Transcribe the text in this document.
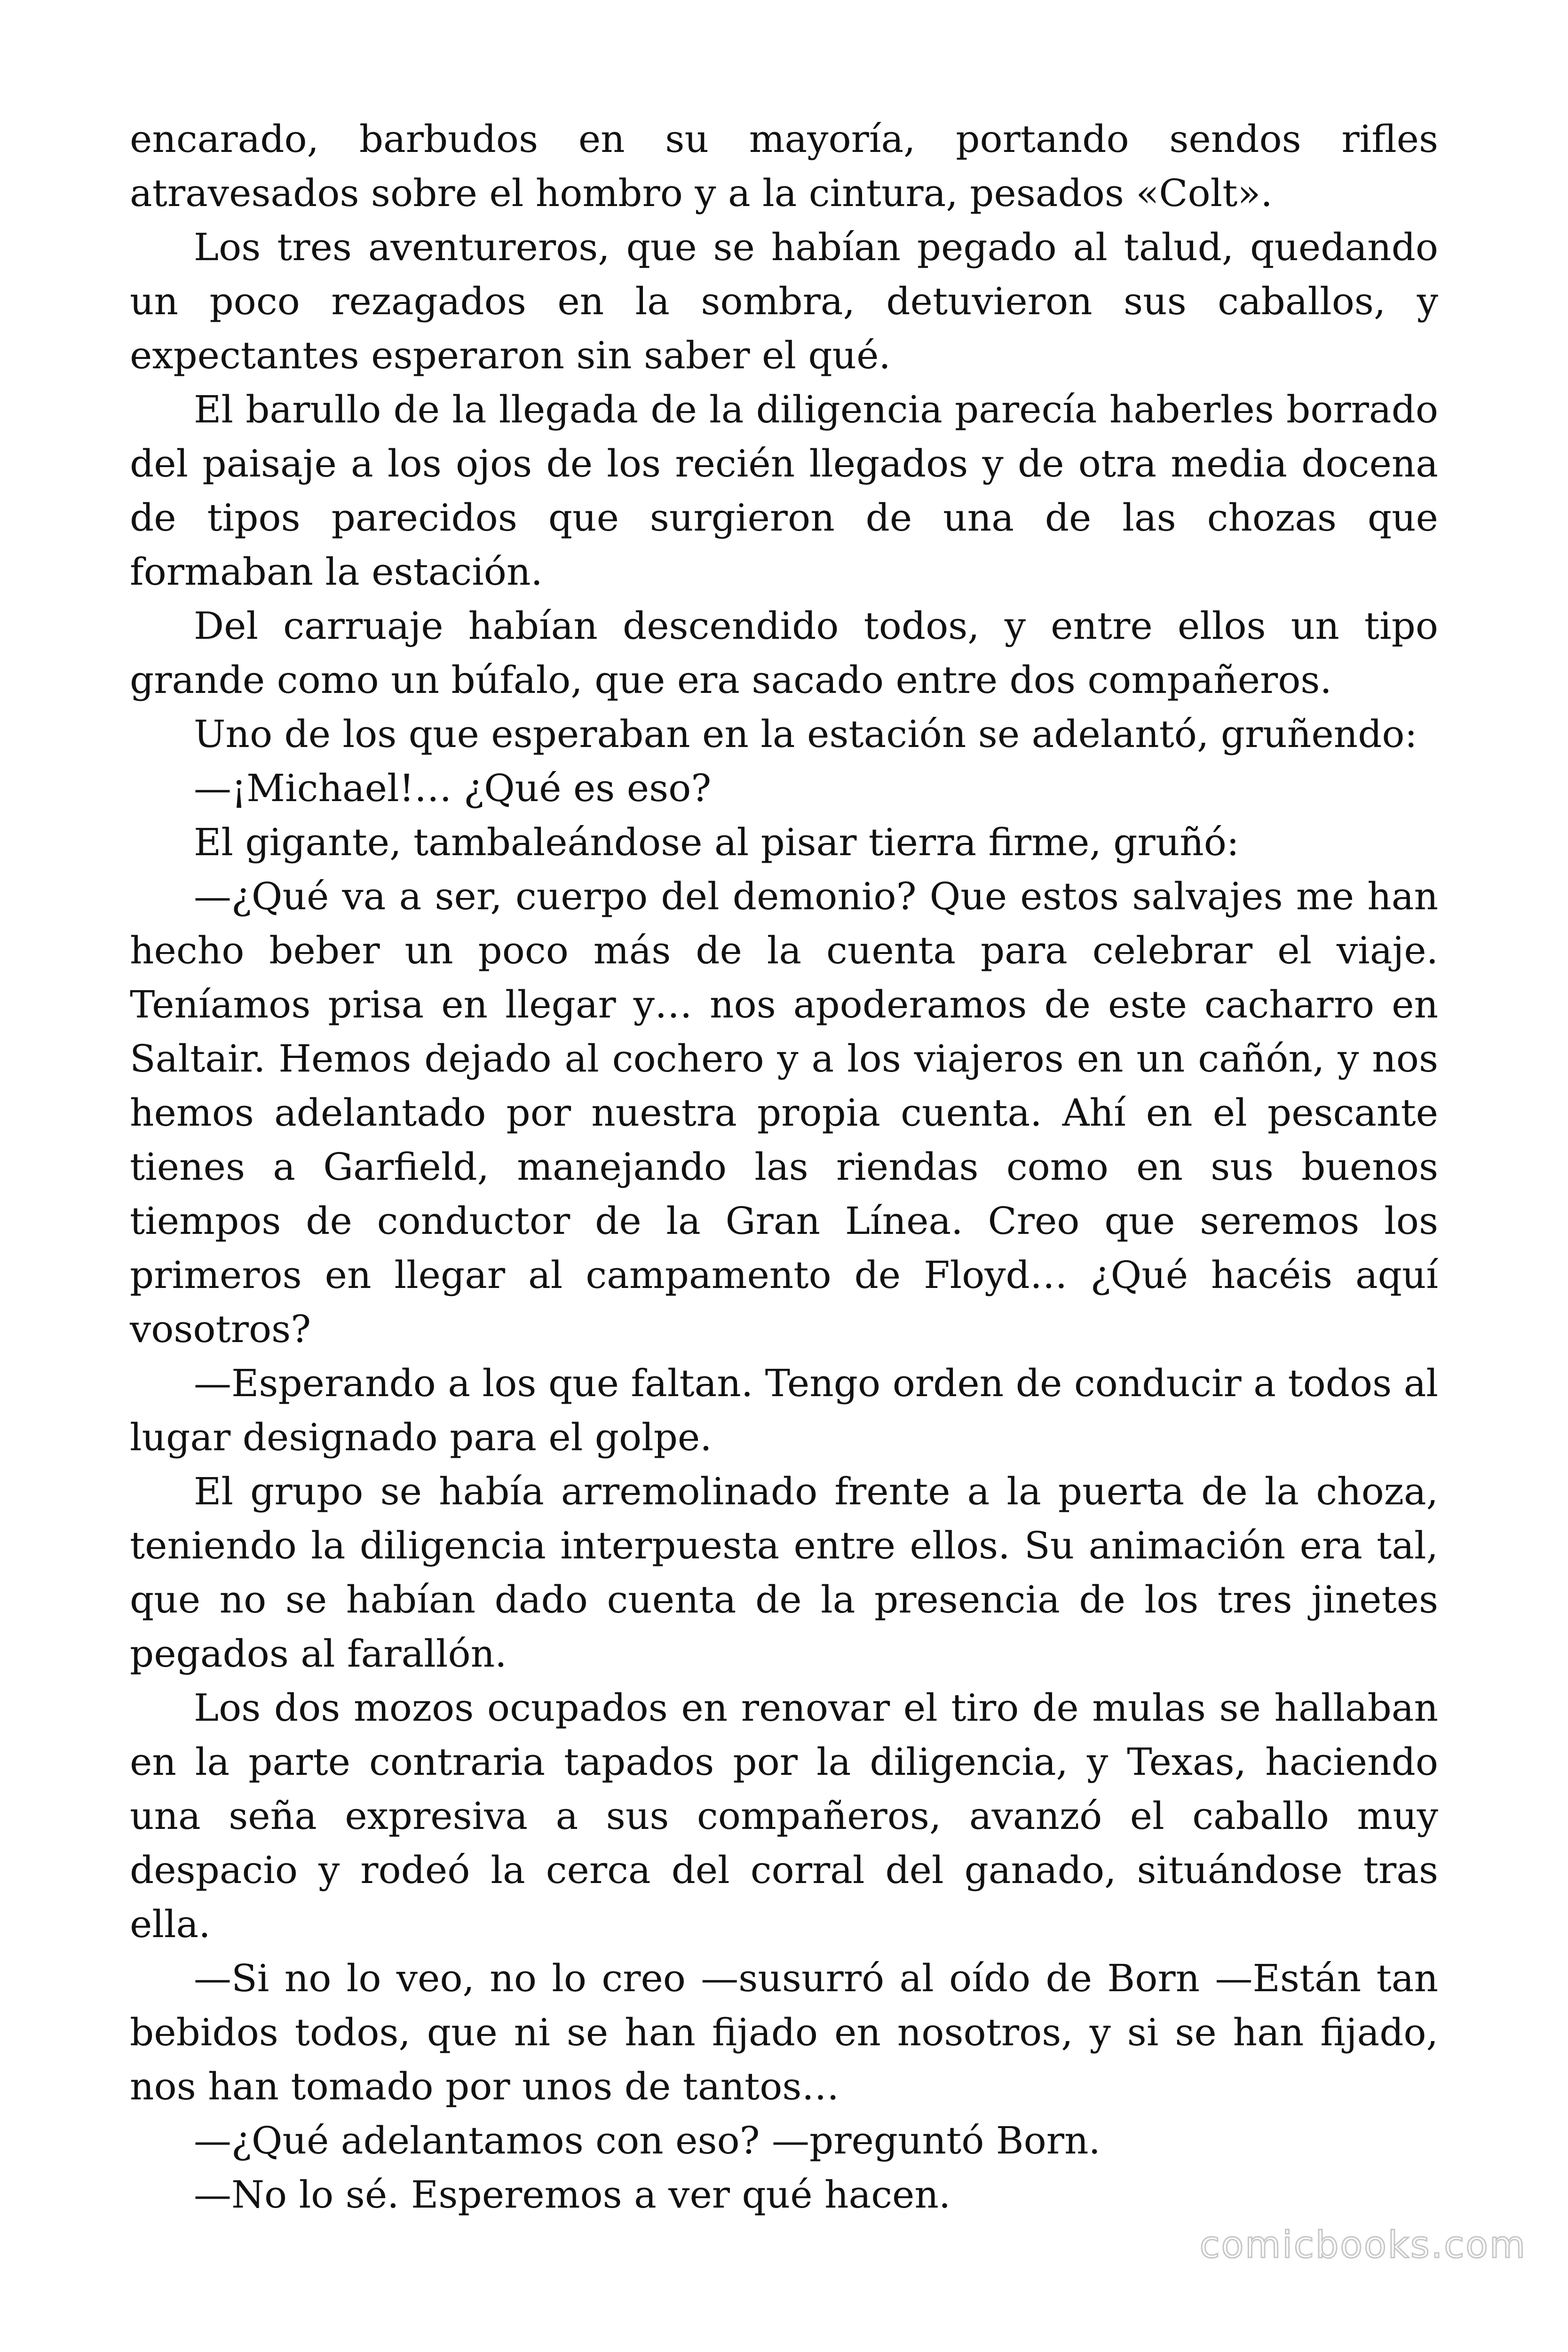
encarado, barbudos en su mayoría, portando sendos rifles atravesados sobre el hombro y a la cintura, pesados «Colt».

Los tres aventureros, que se habían pegado al talud, quedando un poco rezagados en la sombra, detuvieron sus caballos, y expectantes esperaron sin saber el qué.

El barullo de la llegada de la diligencia parecía haberles borrado del paisaje a los ojos de los recién llegados y de otra media docena de tipos parecidos que surgieron de una de las chozas que formaban la estación.

Del carruaje habían descendido todos, y entre ellos un tipo grande como un búfalo, que era sacado entre dos compañeros.

Uno de los que esperaban en la estación se adelantó, gruñendo:

—¡Michael!… ¿Qué es eso?

El gigante, tambaleándose al pisar tierra firme, gruñó:

—¿Qué va a ser, cuerpo del demonio? Que estos salvajes me han hecho beber un poco más de la cuenta para celebrar el viaje. Teníamos prisa en llegar y… nos apoderamos de este cacharro en Saltair. Hemos dejado al cochero y a los viajeros en un cañón, y nos hemos adelantado por nuestra propia cuenta. Ahí en el pescante tienes a Garfield, manejando las riendas como en sus buenos tiempos de conductor de la Gran Línea. Creo que seremos los primeros en llegar al campamento de Floyd… ¿Qué hacéis aquí vosotros?

—Esperando a los que faltan. Tengo orden de conducir a todos al lugar designado para el golpe.

El grupo se había arremolinado frente a la puerta de la choza, teniendo la diligencia interpuesta entre ellos. Su animación era tal, que no se habían dado cuenta de la presencia de los tres jinetes pegados al farallón.

Los dos mozos ocupados en renovar el tiro de mulas se hallaban en la parte contraria tapados por la diligencia, y Texas, haciendo una seña expresiva a sus compañeros, avanzó el caballo muy despacio y rodeó la cerca del corral del ganado, situándose tras ella.

—Si no lo veo, no lo creo —susurró al oído de Born —Están tan bebidos todos, que ni se han fijado en nosotros, y si se han fijado, nos han tomado por unos de tantos…

—¿Qué adelantamos con eso? —preguntó Born.

—No lo sé. Esperemos a ver qué hacen.

comicbooks.com
